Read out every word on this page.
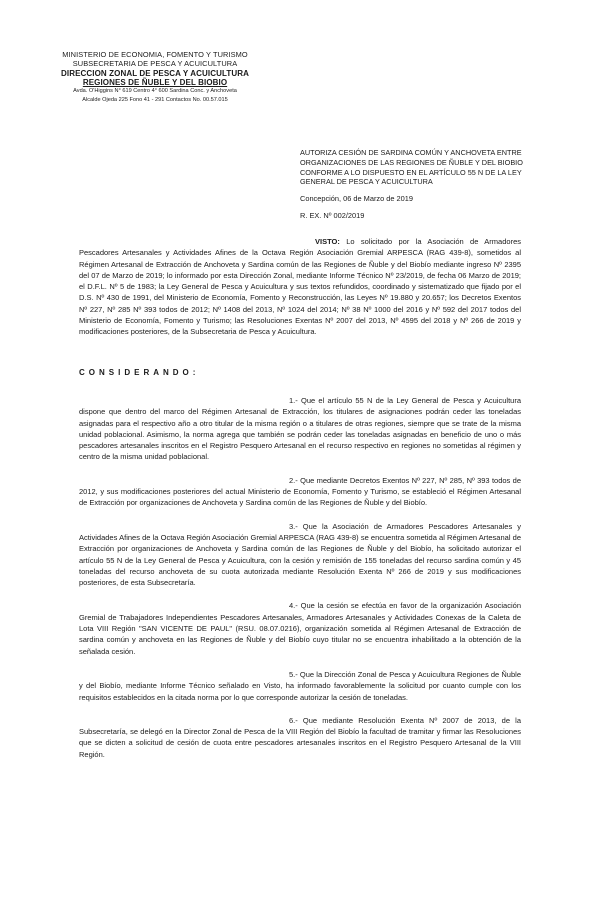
MINISTERIO DE ECONOMIA, FOMENTO Y TURISMO
SUBSECRETARIA DE PESCA Y ACUICULTURA
DIRECCION ZONAL DE PESCA Y ACUICULTURA
REGIONES DE ÑUBLE Y DEL BIOBIO
Avda. O'Higgins N° 619 Centro 4° 600 Sardina Conc. y Anchoveta
Alcalde Ojeda 225 Fono 41 - 291 Contactos No. 00.57.015
AUTORIZA CESIÓN DE SARDINA COMÚN Y ANCHOVETA ENTRE ORGANIZACIONES DE LAS REGIONES DE ÑUBLE Y DEL BIOBIO CONFORME A LO DISPUESTO EN EL ARTÍCULO 55 N DE LA LEY GENERAL DE PESCA Y ACUICULTURA
Concepción, 06 de Marzo de 2019
R. EX. Nº 002/2019

VISTO: Lo solicitado por la Asociación de Armadores Pescadores Artesanales y Actividades Afines de la Octava Región Asociación Gremial ARPESCA (RAG 439-8), sometidos al Régimen Artesanal de Extracción de Anchoveta y Sardina común de las Regiones de Ñuble y del Biobío mediante ingreso Nº 2395 del 07 de Marzo de 2019; lo informado por esta Dirección Zonal, mediante Informe Técnico Nº 23/2019, de fecha 06 Marzo de 2019; el D.F.L. Nº 5 de 1983; la Ley General de Pesca y Acuicultura y sus textos refundidos, coordinado y sistematizado que fijado por el D.S. Nº 430 de 1991, del Ministerio de Economía, Fomento y Reconstrucción, las Leyes Nº 19.880 y 20.657; los Decretos Exentos Nº 227, Nº 285 Nº 393 todos de 2012; Nº 1408 del 2013, Nº 1024 del 2014; Nº 38 Nº 1000 del 2016 y Nº 592 del 2017 todos del Ministerio de Economía, Fomento y Turismo; las Resoluciones Exentas Nº 2007 del 2013, Nº 4595 del 2018 y Nº 266 de 2019 y modificaciones posteriores, de la Subsecretaria de Pesca y Acuicultura.

CONSIDERANDO:

1.- Que el artículo 55 N de la Ley General de Pesca y Acuicultura dispone que dentro del marco del Régimen Artesanal de Extracción, los titulares de asignaciones podrán ceder las toneladas asignadas para el respectivo año a otro titular de la misma región o a titulares de otras regiones, siempre que se trate de la misma unidad poblacional. Asimismo, la norma agrega que también se podrán ceder las toneladas asignadas en beneficio de uno o más pescadores artesanales inscritos en el Registro Pesquero Artesanal en el recurso respectivo en regiones no sometidas al régimen y centro de la misma unidad poblacional.

2.- Que mediante Decretos Exentos Nº 227, Nº 285, Nº 393 todos de 2012, y sus modificaciones posteriores del actual Ministerio de Economía, Fomento y Turismo, se estableció el Régimen Artesanal de Extracción por organizaciones de Anchoveta y Sardina común de las Regiones de Ñuble y del Biobío.

3.- Que la Asociación de Armadores Pescadores Artesanales y Actividades Afines de la Octava Región Asociación Gremial ARPESCA (RAG 439-8) se encuentra sometida al Régimen Artesanal de Extracción por organizaciones de Anchoveta y Sardina común de las Regiones de Ñuble y del Biobío, ha solicitado autorizar el artículo 55 N de la Ley General de Pesca y Acuicultura, con la cesión y remisión de 155 toneladas del recurso sardina común y 45 toneladas del recurso anchoveta de su cuota autorizada mediante Resolución Exenta Nº 266 de 2019 y sus modificaciones posteriores, de esta Subsecretaría.

4.- Que la cesión se efectúa en favor de la organización Asociación Gremial de Trabajadores Independientes Pescadores Artesanales, Armadores Artesanales y Actividades Conexas de la Caleta de Lota VIII Región "SAN VICENTE DE PAUL" (RSU. 08.07.0216), organización sometida al Régimen Artesanal de Extracción de sardina común y anchoveta en las Regiones de Ñuble y del Biobío cuyo titular no se encuentra inhabilitado a la obtención de la señalada cesión.

5.- Que la Dirección Zonal de Pesca y Acuicultura Regiones de Ñuble y del Biobío, mediante Informe Técnico señalado en Visto, ha informado favorablemente la solicitud por cuanto cumple con los requisitos establecidos en la citada norma por lo que corresponde autorizar la cesión de toneladas.

6.- Que mediante Resolución Exenta Nº 2007 de 2013, de la Subsecretaría, se delegó en la Director Zonal de Pesca de la VIII Región del Biobío la facultad de tramitar y firmar las Resoluciones que se dicten a solicitud de cesión de cuota entre pescadores artesanales inscritos en el Registro Pesquero Artesanal de la VIII Región.
